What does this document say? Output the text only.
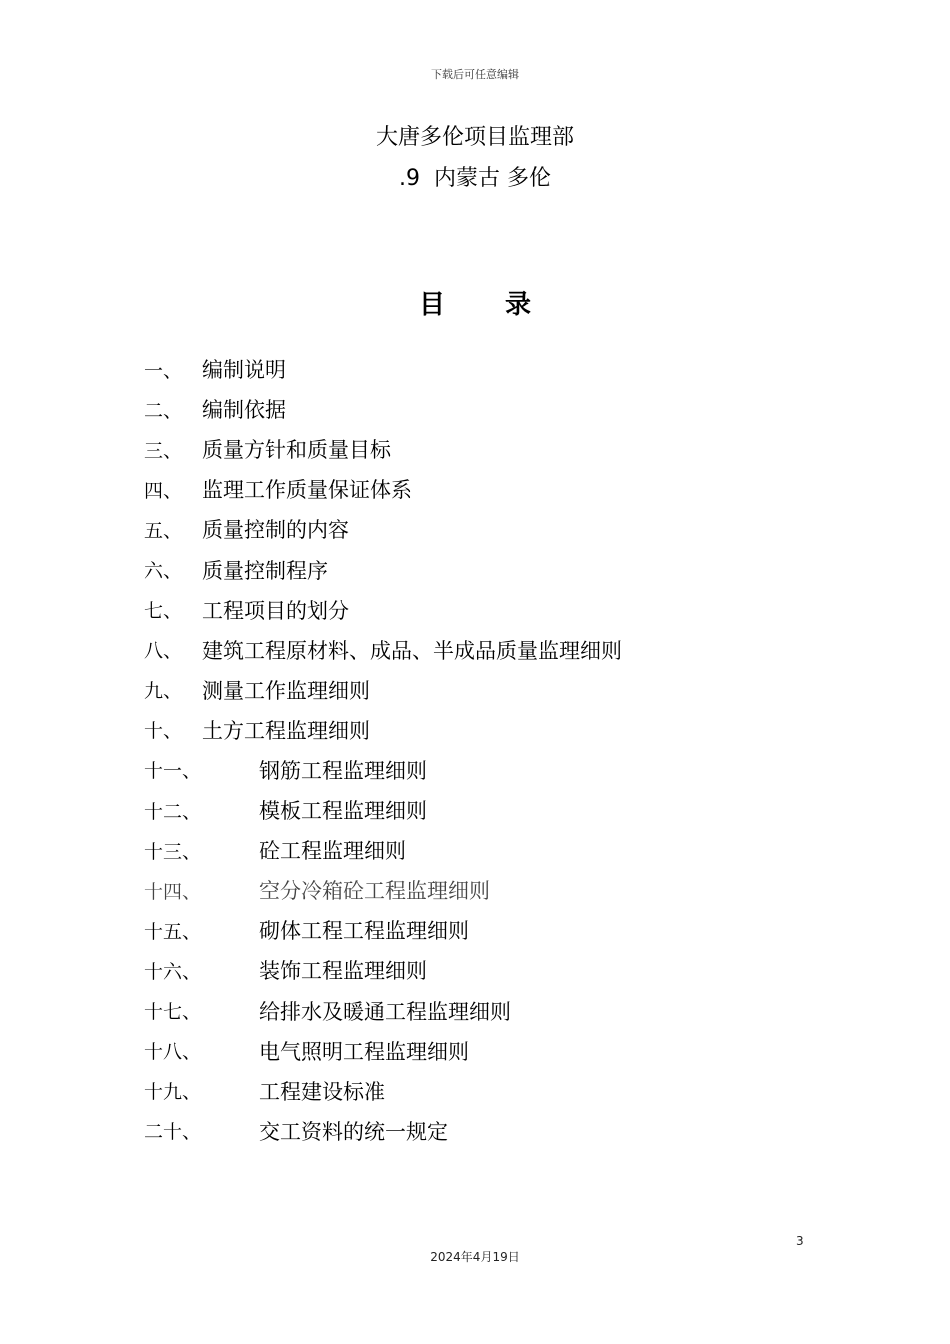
下载后可任意编辑
大唐多伦项目监理部
.9  内蒙古 多伦
目录
一、 编制说明
二、 编制依据
三、 质量方针和质量目标
四、 监理工作质量保证体系
五、 质量控制的内容
六、 质量控制程序
七、 工程项目的划分
八、 建筑工程原材料、成品、半成品质量监理细则
九、 测量工作监理细则
十、 土方工程监理细则
十一、	钢筋工程监理细则
十二、	模板工程监理细则
十三、	砼工程监理细则
十四、	空分冷箱砼工程监理细则
十五、	砌体工程工程监理细则
十六、	装饰工程监理细则
十七、	给排水及暖通工程监理细则
十八、	电气照明工程监理细则
十九、	工程建设标准
二十、	交工资料的统一规定
3
2024年4月19日
